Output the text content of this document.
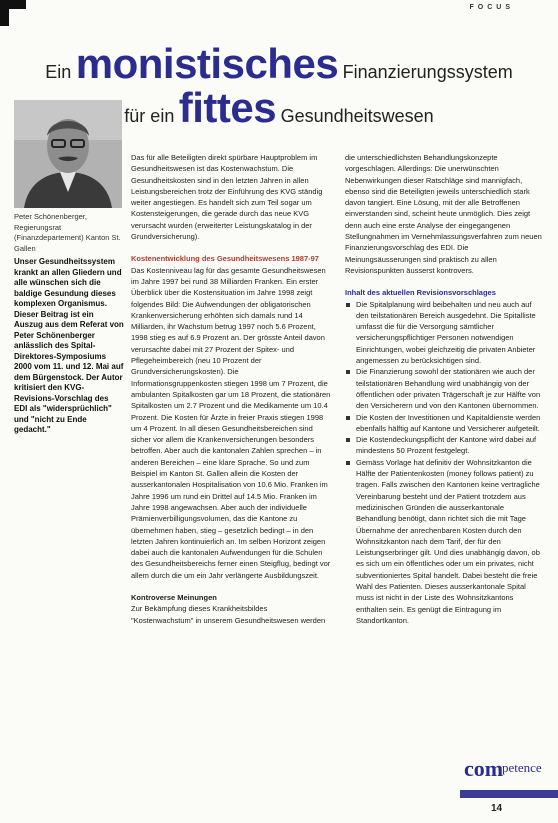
FOCUS
Ein monistisches Finanzierungssystem
für ein fittes Gesundheitswesen
Peter Schönenberger, Regierungsrat (Finanzdepartement) Kanton St. Gallen
Unser Gesundheitssystem krankt an allen Gliedern und alle wünschen sich die baldige Gesundung dieses komplexen Organismus. Dieser Beitrag ist ein Auszug aus dem Referat von Peter Schönenberger anlässlich des Spital-Direktores-Symposiums 2000 vom 11. und 12. Mai auf dem Bürgenstock. Der Autor kritisiert den KVG-Revisions-Vorschlag des EDI als "widersprüchlich" und "nicht zu Ende gedacht."

Das für alle Beteiligten direkt spürbare Hauptproblem im Gesundheitswesen ist das Kostenwachstum. Die Gesundheitskosten sind in den letzten Jahren in allen Leistungsbereichen trotz der Einführung des KVG ständig weiter angestiegen. Es handelt sich zum Teil sogar um Kostensteigerungen, die gerade durch das neue KVG verursacht wurden (erweiterter Leistungskatalog in der Grundversicherung).

Kostenentwicklung des Gesundheitswesens 1987-97

Das Kostenniveau lag für das gesamte Gesundheitswesen im Jahre 1997 bei rund 38 Milliarden Franken. Ein erster Überblick über die Kostensituation im Jahre 1998 zeigt folgendes Bild: Die Aufwendungen der obligatorischen Krankenversicherung erhöhten sich damals rund 14 Milliarden, ihr Wachstum betrug 1997 noch 5.6 Prozent, 1998 stieg es auf 6.9 Prozent an. Der grösste Anteil davon verursachte dabei mit 27 Prozent der Spitex- und Pflegeheimbereich (neu 10 Prozent der Grundversicherungskosten). Die Informationsgruppenkosten stiegen 1998 um 7 Prozent, die ambulanten Spitalkosten gar um 18 Prozent, die stationären Spitalkosten um 2.7 Prozent und die Medikamente um 10.4 Prozent. Die Kosten für Ärzte in freier Praxis stiegen 1998 um 4 Prozent. In all diesen Gesundheitsbereichen sind sicher vor allem die Krankenversicherungen besonders betroffen. Aber auch die kantonalen Zahlen sprechen – in anderen Bereichen – eine klare Sprache. So und zum Beispiel im Kanton St. Gallen allein die Kosten der ausserkantonalen Hospitalisation von 10.6 Mio. Franken im Jahre 1996 um rund ein Drittel auf 14.5 Mio. Franken im Jahre 1998 angewachsen. Aber auch der individuelle Prämienverbilligungsvolumen, das die Kantone zu übernehmen haben, stieg – gesetzlich bedingt – in den letzten Jahren kontinuierlich an. Im selben Horizont zeigen dabei auch die kantonalen Aufwendungen für die Schulen des Gesundheitsbereichs ferner einen Steigflug, bedingt vor allem durch die um ein Jahr verlängerte Ausbildungszeit.

Kontroverse Meinungen

Zur Bekämpfung dieses Krankheitsbildes "Kostenwachstum" in unserem Gesundheitswesen werden

die unterschiedlichsten Behandlungskonzepte vorgeschlagen. Allerdings: Die unerwünschten Nebenwirkungen dieser Ratschläge sind mannigfach, ebenso sind die Beteiligten jeweils unterschiedlich stark davon tangiert. Eine Lösung, mit der alle Betroffenen einverstanden sind, scheint heute unmöglich. Dies zeigt denn auch eine erste Analyse der eingegangenen Stellungnahmen im Vernehmlassungsverfahren zum neuen Finanzierungsvorschlag des EDI. Die Meinungsäusserungen sind praktisch zu allen Revisionspunkten äusserst kontrovers.

Inhalt des aktuellen Revisionsvorschlages
Die Spitalplanung wird beibehalten und neu auch auf den teilstationären Bereich ausgedehnt. Die Spitalliste umfasst die für die Versorgung sämtlicher versicherungspflichtiger Personen notwendigen Einrichtungen, wobei gleichzeitig die privaten Anbieter angemessen zu berücksichtigen sind.
Die Finanzierung sowohl der stationären wie auch der teilstationären Behandlung wird unabhängig von der öffentlichen oder privaten Trägerschaft je zur Hälfte von den Versicherern und von den Kantonen übernommen.
Die Kosten der Investitionen und Kapitaldienste werden ebenfalls hälftig auf Kantone und Versicherer aufgeteilt.
Die Kostendeckungspflicht der Kantone wird dabei auf mindestens 50 Prozent festgelegt.
Gemäss Vorlage hat definitiv der Wohnsitzkanton die Hälfte der Patientenkosten (money follows patient) zu tragen. Falls zwischen den Kantonen keine vertragliche Vereinbarung besteht und der Patient trotzdem aus medizinischen Gründen die ausserkantonale Behandlung benötigt, dann richtet sich die mit Tage Übernahme der anrechenbaren Kosten durch den Wohnsitzkanton nach dem Tarif, der für den Leistungserbringer gilt. Und dies unabhängig davon, ob es sich um ein öffentliches oder um ein privates, nicht subventioniertes Spital handelt. Dabei besteht die freie Wahl des Patienten. Dieses ausserkantonale Spital muss ist nicht in der Liste des Wohnsitzkantons enthalten sein. Es genügt die Eintragung im Standortkanton.
com
petence
14
